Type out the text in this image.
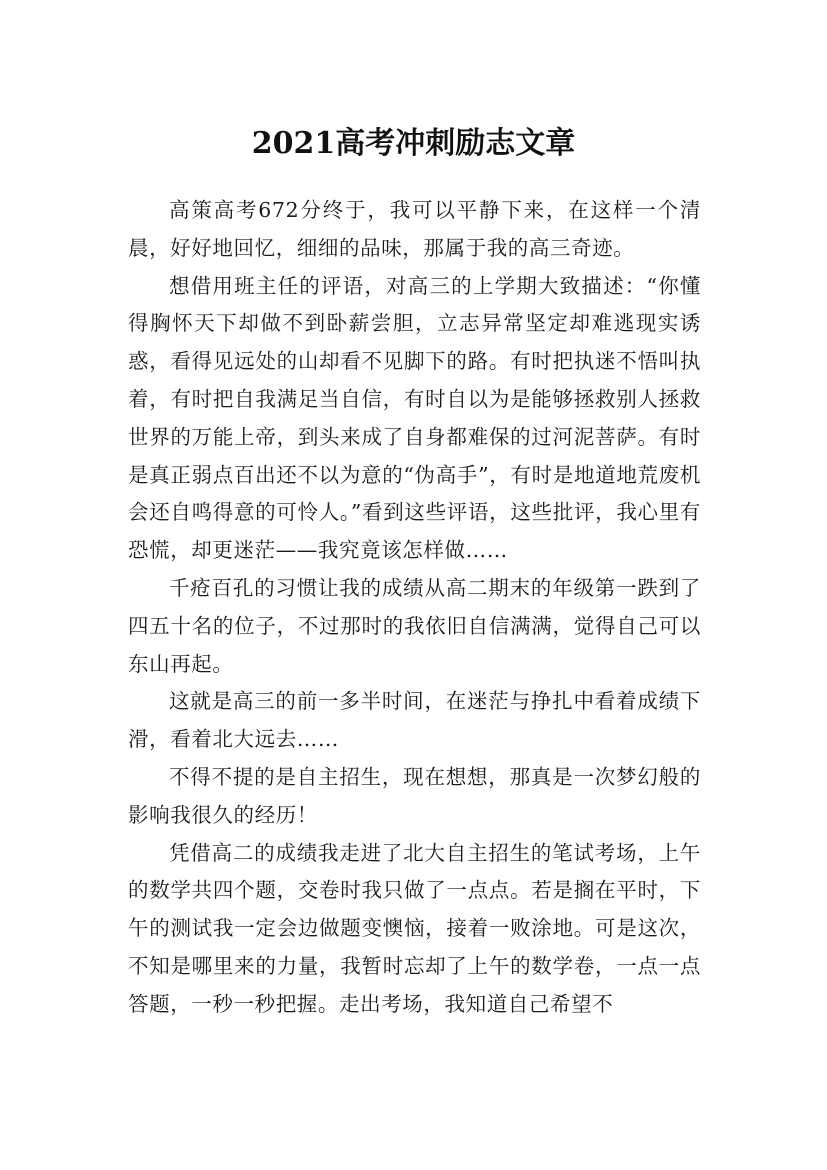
2021高考冲刺励志文章

高策高考672分终于，我可以平静下来，在这样一个清晨，好好地回忆，细细的品味，那属于我的高三奇迹。

想借用班主任的评语，对高三的上学期大致描述：“你懂得胸怀天下却做不到卧薪尝胆，立志异常坚定却难逃现实诱惑，看得见远处的山却看不见脚下的路。有时把执迷不悟叫执着，有时把自我满足当自信，有时自以为是能够拯救别人拯救世界的万能上帝，到头来成了自身都难保的过河泥菩萨。有时是真正弱点百出还不以为意的“伪高手”，有时是地道地荒废机会还自鸣得意的可怜人。”看到这些评语，这些批评，我心里有恐慌，却更迷茫——我究竟该怎样做……

千疮百孔的习惯让我的成绩从高二期末的年级第一跌到了四五十名的位子，不过那时的我依旧自信满满，觉得自己可以东山再起。

这就是高三的前一多半时间，在迷茫与挣扎中看着成绩下滑，看着北大远去……

不得不提的是自主招生，现在想想，那真是一次梦幻般的影响我很久的经历！

凭借高二的成绩我走进了北大自主招生的笔试考场，上午的数学共四个题，交卷时我只做了一点点。若是搁在平时，下午的测试我一定会边做题变懊恼，接着一败涂地。可是这次，不知是哪里来的力量，我暂时忘却了上午的数学卷，一点一点答题，一秒一秒把握。走出考场，我知道自己希望不
